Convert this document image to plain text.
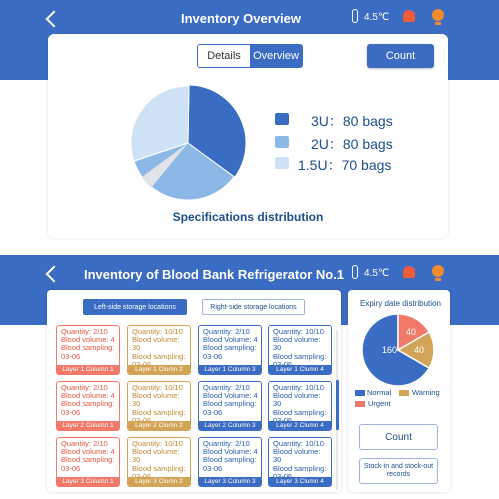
Inventory Overview	4.5℃
Details	Overview	Count
3U：80 bags
2U：80 bags
1.5U：70 bags
Specifications distribution
Inventory of Blood Bank Refrigerator No.1 4.5℃
Left-side storage locations	Right-side storage locations
Quantity: 2/10
Blood volume: 4
Blood sampling:
03-06
Layer 1 Column 1
Quantity: 10/10
Blood volume: 30
Blood sampling:
Layer 1 Clumn 2
Quantity: 2/10
Blood Volume: 4
Blood sampling:
03-06
Layer 1 Column 3
Quantity: 10/10
Blood volume: 30
Blood sampling:
Layer 1 Clumn 4
Quantity: 2/10
Blood volume: 4
Blood sampling:
03-06
Layer 2 Column 1
Quantity: 10/10
Blood volume: 30
Blood sampling:
Layer 2 Clumn 2
Quantity: 2/10
Blood Volume: 4
Blood sampling:
03-06
Layer 2 Column 3
Quantity: 10/10
Blood volume: 30
Blood sampling:
Layer 2 Clumn 4
Quantity: 2/10
Blood volume: 4
Blood sampling:
03-06
Layer 3 Column 1
Quantity: 10/10
Blood volume: 30
Blood sampling:
Layer 3 Clumn 2
Quantity: 2/10
Blood Volume: 4
Blood sampling:
03-06
Layer 3 Column 3
Quantity: 10/10
Blood volume: 30
Blood sampling:
Layer 3 Clumn 4
Expiry date distribution
160
40
40
Normal	Warning
Urgent
Count
Stock-in and stock-out records
